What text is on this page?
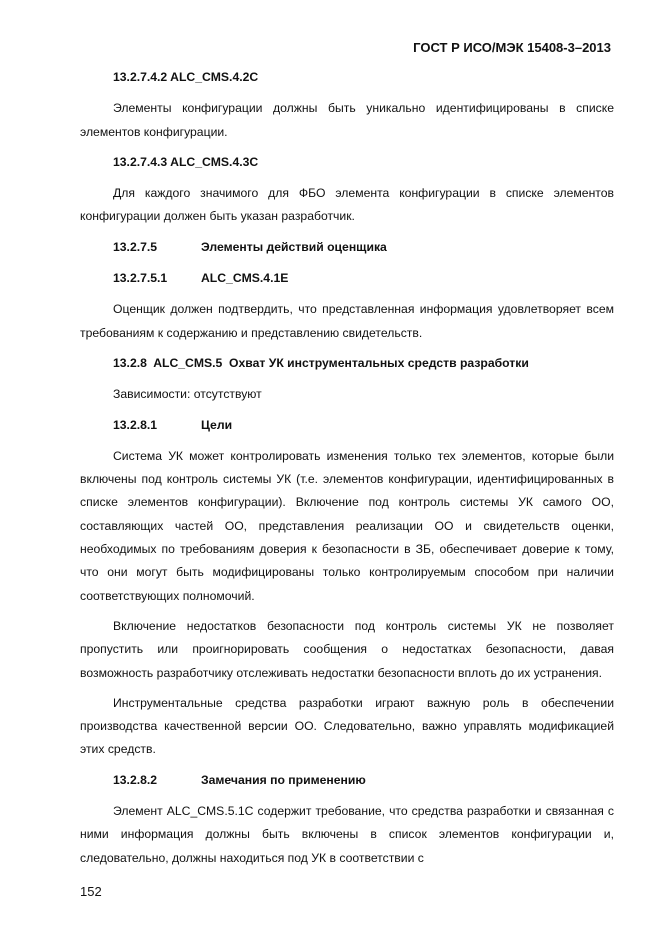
ГОСТ Р ИСО/МЭК 15408-3–2013
13.2.7.4.2 ALC_CMS.4.2C

Элементы конфигурации должны быть уникально идентифицированы в списке элементов конфигурации.

13.2.7.4.3 ALC_CMS.4.3C

Для каждого значимого для ФБО элемента конфигурации в списке элементов конфигурации должен быть указан разработчик.

13.2.7.5	Элементы действий оценщика
13.2.7.5.1	ALC_CMS.4.1E

Оценщик должен подтвердить, что представленная информация удовлетворяет всем требованиям к содержанию и представлению свидетельств.

13.2.8  ALC_CMS.5  Охват УК инструментальных средств разработки

Зависимости: отсутствуют

13.2.8.1	Цели

Система УК может контролировать изменения только тех элементов, которые были включены под контроль системы УК (т.е. элементов конфигурации, идентифицированных в списке элементов конфигурации). Включение под контроль системы УК самого ОО, составляющих частей ОО, представления реализации ОО и свидетельств оценки, необходимых по требованиям доверия к безопасности в ЗБ, обеспечивает доверие к тому, что они могут быть модифицированы только контролируемым способом при наличии соответствующих полномочий.

Включение недостатков безопасности под контроль системы УК не позволяет пропустить или проигнорировать сообщения о недостатках безопасности, давая возможность разработчику отслеживать недостатки безопасности вплоть до их устранения.

Инструментальные средства разработки играют важную роль в обеспечении производства качественной версии ОО. Следовательно, важно управлять модификацией этих средств.

13.2.8.2	Замечания по применению

Элемент ALC_CMS.5.1C содержит требование, что средства разработки и связанная с ними информация должны быть включены в список элементов конфигурации и, следовательно, должны находиться под УК в соответствии с

152
